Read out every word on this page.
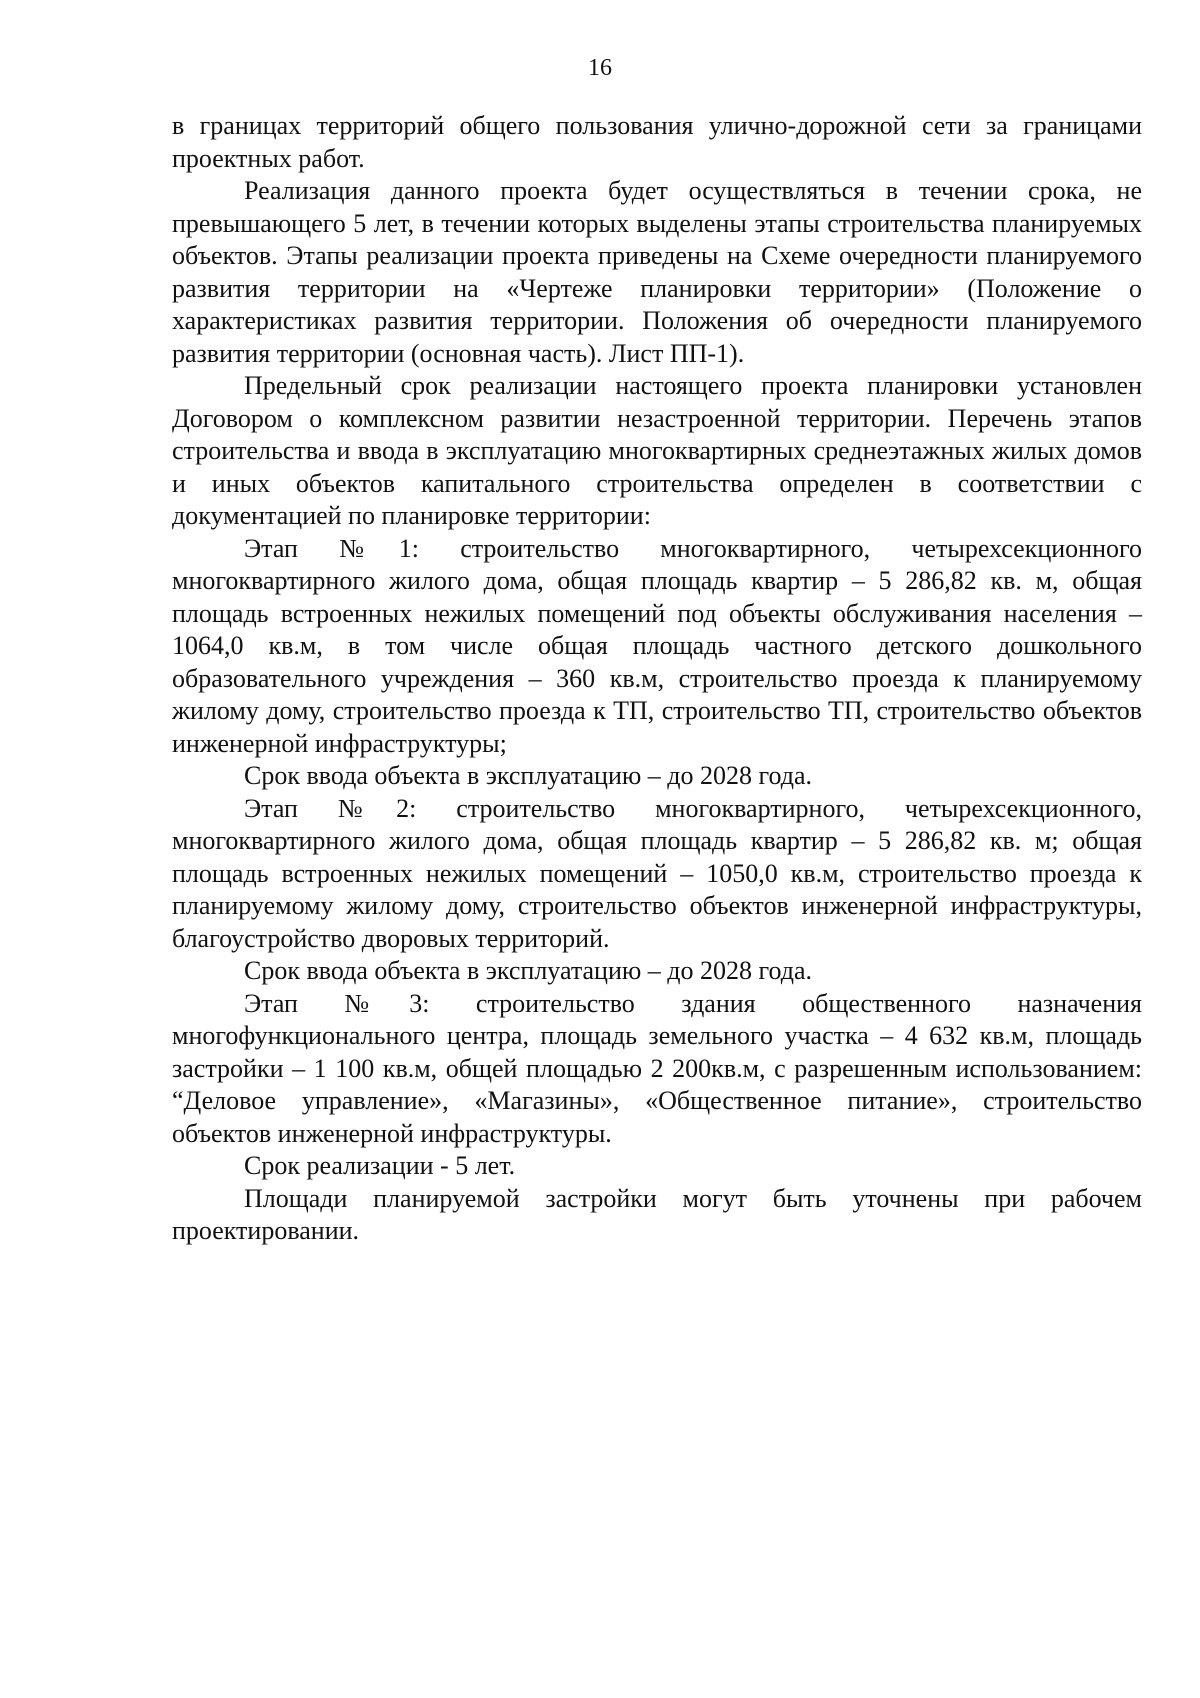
16

в границах территорий общего пользования улично-дорожной сети за границами проектных работ.

Реализация данного проекта будет осуществляться в течении срока, не превышающего 5 лет, в течении которых выделены этапы строительства планируемых объектов. Этапы реализации проекта приведены на Схеме очередности планируемого развития территории на «Чертеже планировки территории» (Положение о характеристиках развития территории. Положения об очередности планируемого развития территории (основная часть). Лист ПП-1).

Предельный срок реализации настоящего проекта планировки установлен Договором о комплексном развитии незастроенной территории. Перечень этапов строительства и ввода в эксплуатацию многоквартирных среднеэтажных жилых домов и иных объектов капитального строительства определен в соответствии с документацией по планировке территории:

Этап №1: строительство многоквартирного, четырехсекционного многоквартирного жилого дома, общая площадь квартир – 5 286,82 кв. м, общая площадь встроенных нежилых помещений под объекты обслуживания населения – 1064,0 кв.м, в том числе общая площадь частного детского дошкольного образовательного учреждения – 360 кв.м, строительство проезда к планируемому жилому дому, строительство проезда к ТП, строительство ТП, строительство объектов инженерной инфраструктуры;

Срок ввода объекта в эксплуатацию – до 2028 года.

Этап №2: строительство многоквартирного, четырехсекционного, многоквартирного жилого дома, общая площадь квартир – 5 286,82 кв. м; общая площадь встроенных нежилых помещений – 1050,0 кв.м, строительство проезда к планируемому жилому дому, строительство объектов инженерной инфраструктуры, благоустройство дворовых территорий.

Срок ввода объекта в эксплуатацию – до 2028 года.

Этап №3: строительство здания общественного назначения многофункционального центра, площадь земельного участка – 4 632 кв.м, площадь застройки – 1 100 кв.м, общей площадью 2 200кв.м, с разрешенным использованием: “Деловое управление», «Магазины», «Общественное питание», строительство объектов инженерной инфраструктуры.

Срок реализации - 5 лет.

Площади планируемой застройки могут быть уточнены при рабочем проектировании.
